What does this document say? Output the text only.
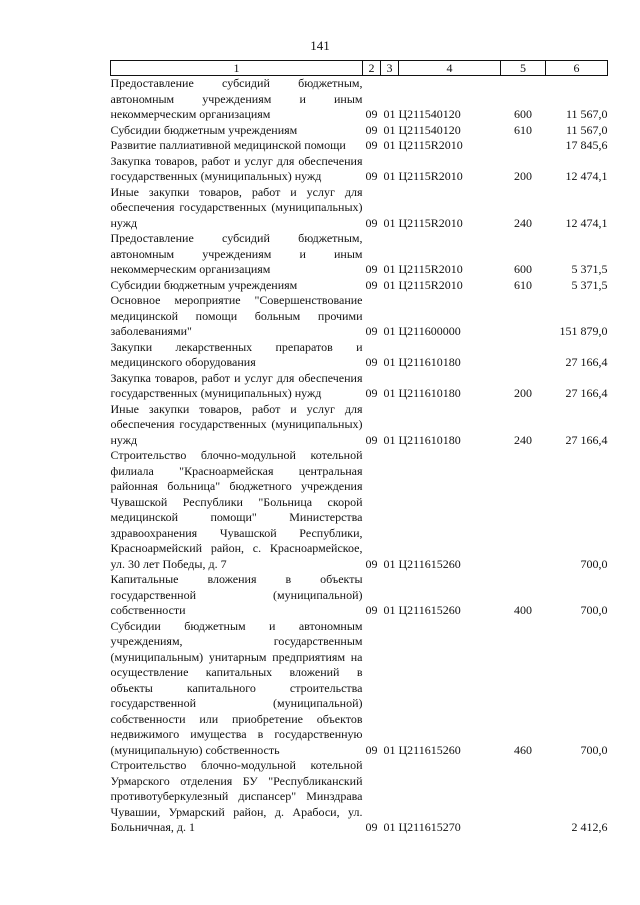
141
1	2	3	4	5	6
Предоставление субсидий бюджетным, автономным учреждениям и иным некоммерческим организациям	09	01	Ц211540120	600	11 567,0
Субсидии бюджетным учреждениям	09	01	Ц211540120	610	11 567,0
Развитие паллиативной медицинской помощи	09	01	Ц2115R2010		17 845,6
Закупка товаров, работ и услуг для обеспечения государственных (муниципальных) нужд	09	01	Ц2115R2010	200	12 474,1
Иные закупки товаров, работ и услуг для обеспечения государственных (муниципальных) нужд	09	01	Ц2115R2010	240	12 474,1
Предоставление субсидий бюджетным, автономным учреждениям и иным некоммерческим организациям	09	01	Ц2115R2010	600	5 371,5
Субсидии бюджетным учреждениям	09	01	Ц2115R2010	610	5 371,5
Основное мероприятие "Совершенствование медицинской помощи больным прочими заболеваниями"	09	01	Ц211600000		151 879,0
Закупки лекарственных препаратов и медицинского оборудования	09	01	Ц211610180		27 166,4
Закупка товаров, работ и услуг для обеспечения государственных (муниципальных) нужд	09	01	Ц211610180	200	27 166,4
Иные закупки товаров, работ и услуг для обеспечения государственных (муниципальных) нужд	09	01	Ц211610180	240	27 166,4
Строительство блочно-модульной котельной филиала "Красноармейская центральная районная больница" бюджетного учреждения Чувашской Республики "Больница скорой медицинской помощи" Министерства здравоохранения Чувашской Республики, Красноармейский район, с. Красноармейское, ул. 30 лет Победы, д. 7	09	01	Ц211615260		700,0
Капитальные вложения в объекты государственной (муниципальной) собственности	09	01	Ц211615260	400	700,0
Субсидии бюджетным и автономным учреждениям, государственным (муниципальным) унитарным предприятиям на осуществление капитальных вложений в объекты капитального строительства государственной (муниципальной) собственности или приобретение объектов недвижимого имущества в государственную (муниципальную) собственность	09	01	Ц211615260	460	700,0
Строительство блочно-модульной котельной Урмарского отделения БУ "Республиканский противотуберкулезный диспансер" Минздрава Чувашии, Урмарский район, д. Арабоси, ул. Больничная, д. 1	09	01	Ц211615270		2 412,6
